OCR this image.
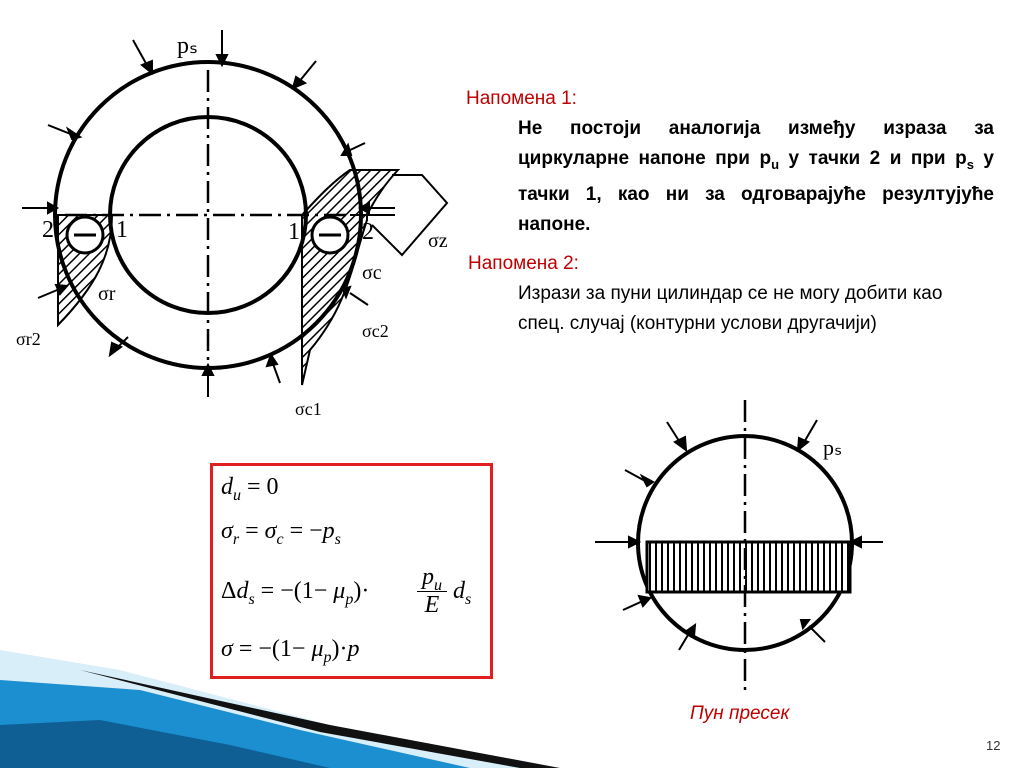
pₛ
2	1	1	2	σz
σc
σr
σc2
σr2
σc1
Напомена 1:
Не постоји аналогија између израза за циркуларне напоне при $p_u$ у тачки 2 и при $p_s$ у тачки 1, као ни за одговарајуће резултујуће напоне.
Напомена 2:
Изрази за пуни цилиндар се не могу добити као спец. случај (контурни услови другачији)
$d_u = 0$
$\sigma_r = \sigma_c = -p_s$
$\Delta d_s = -(1- \mu_p)\cdot$
$p_u$
E
$d_s$
$\sigma = -(1- \mu_p)\cdot p$
pₛ
Пун пресек
12
